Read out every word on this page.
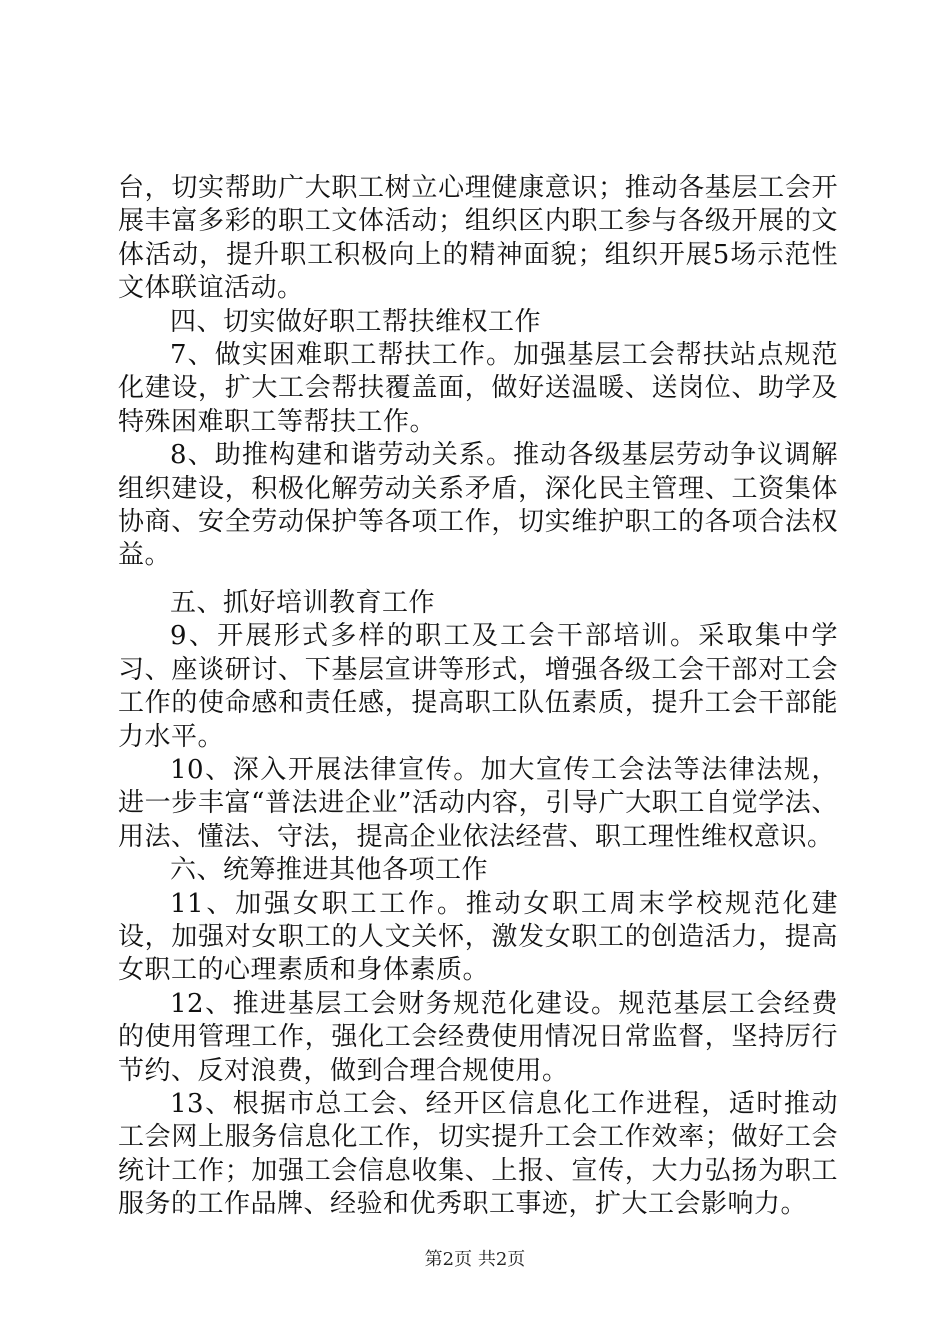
台，切实帮助广大职工树立心理健康意识；推动各基层工会开展丰富多彩的职工文体活动；组织区内职工参与各级开展的文体活动，提升职工积极向上的精神面貌；组织开展5场示范性文体联谊活动。

四、切实做好职工帮扶维权工作

7、做实困难职工帮扶工作。加强基层工会帮扶站点规范化建设，扩大工会帮扶覆盖面，做好送温暖、送岗位、助学及特殊困难职工等帮扶工作。

8、助推构建和谐劳动关系。推动各级基层劳动争议调解组织建设，积极化解劳动关系矛盾，深化民主管理、工资集体协商、安全劳动保护等各项工作，切实维护职工的各项合法权益。

五、抓好培训教育工作

9、开展形式多样的职工及工会干部培训。采取集中学习、座谈研讨、下基层宣讲等形式，增强各级工会干部对工会工作的使命感和责任感，提高职工队伍素质，提升工会干部能力水平。

10、深入开展法律宣传。加大宣传工会法等法律法规，进一步丰富“普法进企业”活动内容，引导广大职工自觉学法、用法、懂法、守法，提高企业依法经营、职工理性维权意识。

六、统筹推进其他各项工作

11、加强女职工工作。推动女职工周末学校规范化建设，加强对女职工的人文关怀，激发女职工的创造活力，提高女职工的心理素质和身体素质。

12、推进基层工会财务规范化建设。规范基层工会经费的使用管理工作，强化工会经费使用情况日常监督，坚持厉行节约、反对浪费，做到合理合规使用。

13、根据市总工会、经开区信息化工作进程，适时推动工会网上服务信息化工作，切实提升工会工作效率；做好工会统计工作；加强工会信息收集、上报、宣传，大力弘扬为职工服务的工作品牌、经验和优秀职工事迹，扩大工会影响力。

第2页 共2页
